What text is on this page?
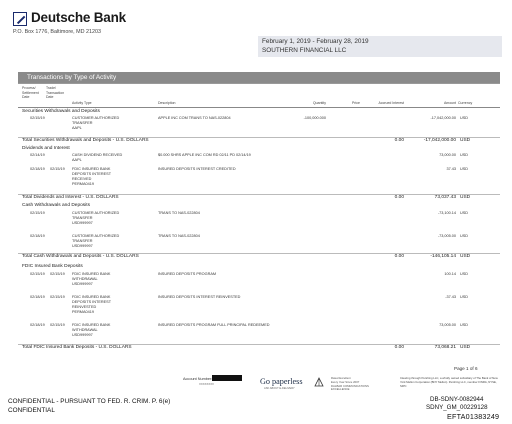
Deutsche Bank
P.O. Box 1776, Baltimore, MD 21203
February 1, 2019 - February 28, 2019
SOUTHERN FINANCIAL LLC
Transactions by Type of Activity
Process/
Settlement
Date
Trade/
Transaction
Date
Activity Type	Description	Quantity	Price	Accrued Interest	Amount Currency
Securities Withdrawals and Deposits
02/15/19	CUSTOMER AUTHORIZED
TRANSFER
AAPL
APPLE INC COM TRANS TO NAS-022804	-100,000.000	-17,042,000.00 USD
Total Securities Withdrawals and Deposits - U.S. DOLLARS	0.00	-17,042,000.00 USD
Dividends and Interest
02/14/19	CASH DIVIDEND RECEIVED
AAPL
$0.000 SHRS APPLE INC COM RD 02/11 PD 02/14/19	73,000.00 USD
02/18/19 02/15/19 FDIC INSURED BANK
DEPOSITS INTEREST
RECEIVED
PERMA0419
INSURED DEPOSITS INTEREST CREDITED	37.43 USD
Total Dividends and Interest - U.S. DOLLARS	0.00	73,037.43 USD
Cash Withdrawals and Deposits
02/15/19	CUSTOMER AUTHORIZED
TRANSFER
USD999997
TRANS TO NAS-022804	-73,100.14 USD
02/18/19	CUSTOMER AUTHORIZED
TRANSFER
USD999997
TRANS TO NAS-022804	-73,005.00 USD
Total Cash Withdrawals and Deposits - U.S. DOLLARS	0.00	-146,105.14 USD
FDIC Insured Bank Deposits
02/15/19 02/15/19 FDIC INSURED BANK
WITHDRAWAL
USD999997
INSURED DEPOSITS PROGRAM	100.14 USD
02/18/19 02/15/19 FDIC INSURED BANK
DEPOSITS INTEREST
REINVESTED
PERMA0419
INSURED DEPOSITS INTEREST REINVESTED	-37.43 USD
02/18/19 02/15/19 FDIC INSURED BANK
WITHDRAWAL
USD999997
INSURED DEPOSITS PROGRAM FULL PRINCIPAL REDEEMED	73,005.00 USD
Total FDIC Insured Bank Deposits - U.S. DOLLARS	0.00	73,068.21 USD
Page 1 of 6
Account Number:
XXXXXXXX	Go paperless
ASK ABOUT E-DELIVERY
Rated Excellent
Every Year Since 2007
DALBAR COMMUNICATIONS
EXCELLENCE
Clearing through Pershing LLC, a wholly owned subsidiary of The Bank of New York Mellon Corporation (BNY Mellon). Pershing LLC, member FINRA, NYSE, SIPC
CONFIDENTIAL - PURSUANT TO FED. R. CRIM. P. 6(e)
CONFIDENTIAL
DB-SDNY-0082944
SDNY_GM_00229128
EFTA01383249
